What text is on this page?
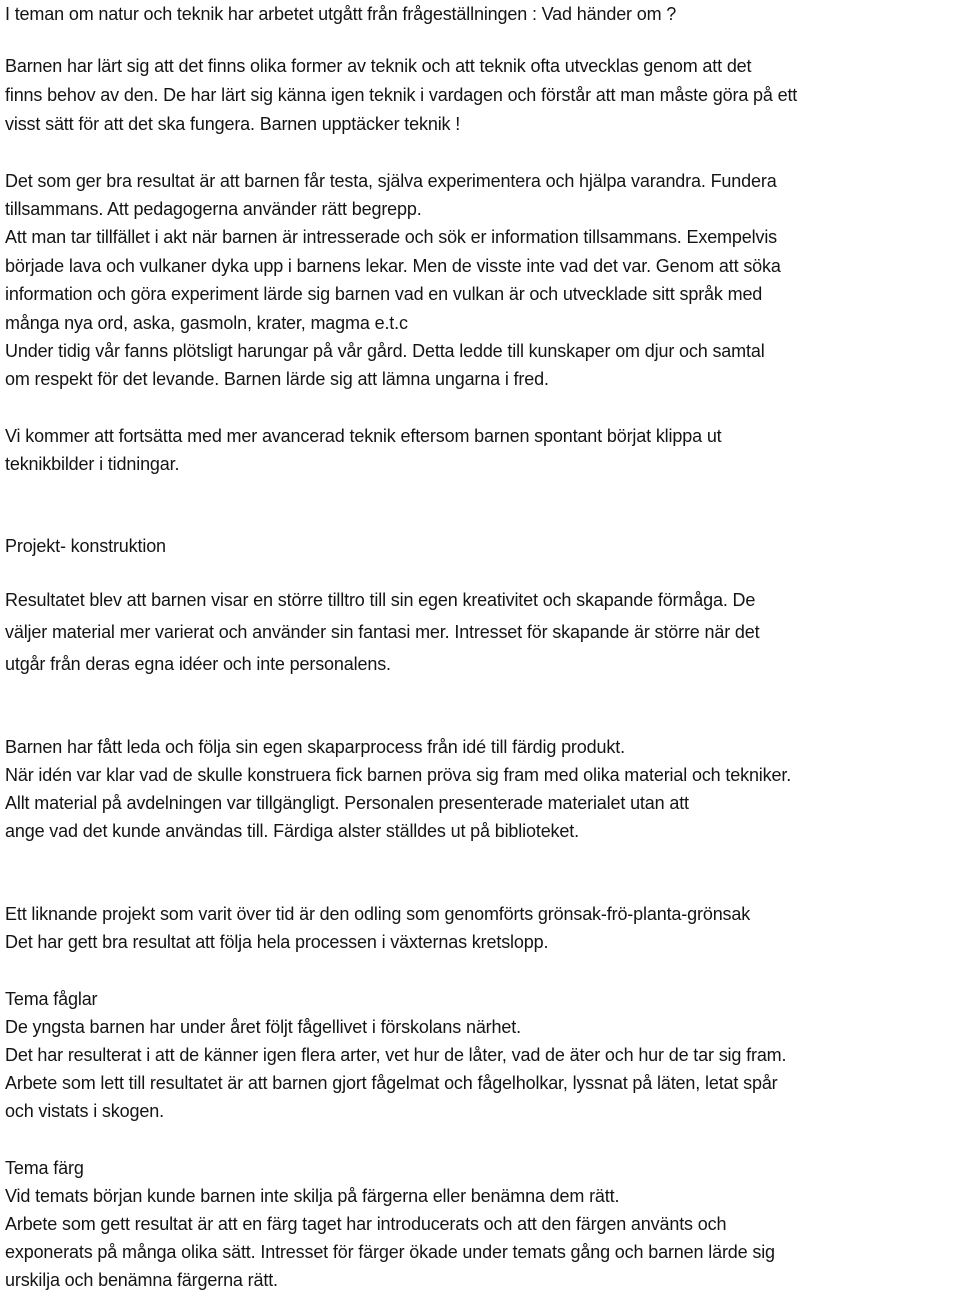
I teman om natur och teknik har arbetet utgått från frågeställningen : Vad händer om ?
Barnen har lärt sig att det finns olika former av teknik och att teknik ofta utvecklas genom att det
finns behov av den. De har lärt sig känna igen teknik i vardagen och förstår att man måste göra på ett
visst sätt för att det ska fungera. Barnen upptäcker teknik !
Det som ger bra resultat är att barnen får testa, själva experimentera och hjälpa varandra. Fundera
tillsammans. Att pedagogerna använder rätt begrepp.
Att man tar tillfället i akt när barnen är intresserade och sök er information tillsammans. Exempelvis
började lava och vulkaner dyka upp i barnens lekar. Men de visste inte vad det var. Genom att söka
information och göra experiment lärde sig barnen vad en vulkan är och utvecklade sitt språk med
många nya ord, aska, gasmoln, krater, magma e.t.c
Under tidig vår fanns plötsligt harungar på vår gård. Detta ledde till kunskaper om djur och samtal
om respekt för det levande. Barnen lärde sig att lämna ungarna i fred.
Vi kommer att fortsätta med mer avancerad teknik eftersom barnen spontant börjat klippa ut
teknikbilder i tidningar.
Projekt- konstruktion
Resultatet blev att barnen visar en större tilltro till sin egen kreativitet och skapande förmåga. De
väljer material mer varierat och använder sin fantasi mer. Intresset för skapande är större när det
utgår från deras egna idéer och inte personalens.
Barnen har fått leda och följa sin egen skaparprocess från idé till färdig produkt.
När idén var klar vad de skulle konstruera fick barnen pröva sig fram med olika material och tekniker.
Allt material på avdelningen var tillgängligt. Personalen presenterade materialet utan att
ange vad det kunde användas till. Färdiga alster ställdes ut på biblioteket.
Ett liknande projekt som varit över tid är den odling som genomförts grönsak-frö-planta-grönsak
Det har gett bra resultat att följa hela processen i växternas kretslopp.
Tema fåglar
De yngsta barnen har under året följt fågellivet i förskolans närhet.
Det har resulterat i att de känner igen flera arter, vet hur de låter, vad de äter och hur de tar sig fram.
Arbete som lett till resultatet är att barnen gjort fågelmat och fågelholkar, lyssnat på läten, letat spår
och vistats i skogen.
Tema färg
Vid temats början kunde barnen inte skilja på färgerna eller benämna dem rätt.
Arbete som gett resultat är att en färg taget har introducerats och att den färgen använts och
exponerats på många olika sätt. Intresset för färger ökade under temats gång och barnen lärde sig
urskilja och benämna färgerna rätt.
